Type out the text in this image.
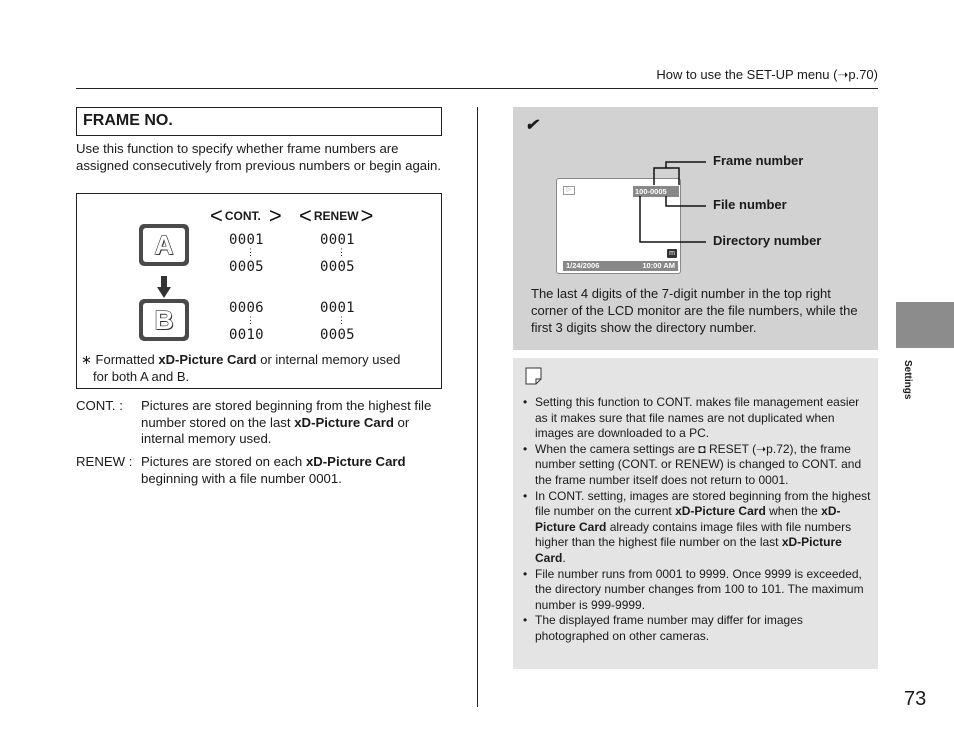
How to use the SET-UP menu (➝p.70)
FRAME NO.
Use this function to specify whether frame numbers are assigned consecutively from previous numbers or begin again.
A
B
< CONT. > < RENEW >
0001
⋮
0005
0006
⋮
0010
0001
⋮
0005
0001
⋮
0005
∗ Formatted xD-Picture Card or internal memory used
for both A and B.
CONT. : Pictures are stored beginning from the highest file number stored on the last xD-Picture Card or internal memory used.
RENEW : Pictures are stored on each xD-Picture Card beginning with a file number 0001.
✔
▷	100-0005
m
1/24/2006	10:00 AM
Frame number
File number
Directory number
The last 4 digits of the 7-digit number in the top right corner of the LCD monitor are the file numbers, while the first 3 digits show the directory number.
• Setting this function to CONT. makes file management easier as it makes sure that file names are not duplicated when images are downloaded to a PC.
• When the camera settings are ◘ RESET (➝p.72), the frame number setting (CONT. or RENEW) is changed to CONT. and the frame number itself does not return to 0001.
• In CONT. setting, images are stored beginning from the highest file number on the current xD-Picture Card when the xD-Picture Card already contains image files with file numbers higher than the highest file number on the last xD-Picture Card.
• File number runs from 0001 to 9999. Once 9999 is exceeded, the directory number changes from 100 to 101. The maximum number is 999-9999.
• The displayed frame number may differ for images photographed on other cameras.
Settings
73
